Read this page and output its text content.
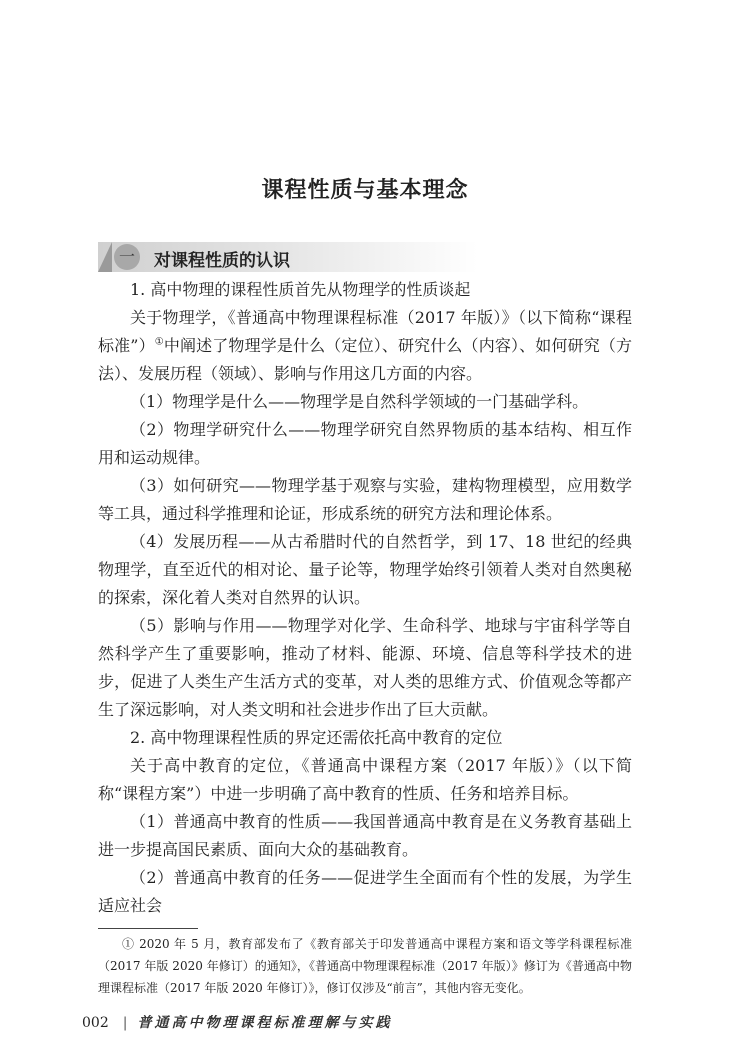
课程性质与基本理念
一 对课程性质的认识

1. 高中物理的课程性质首先从物理学的性质谈起

关于物理学，《普通高中物理课程标准（2017 年版）》（以下简称“课程标准”）①中阐述了物理学是什么（定位）、研究什么（内容）、如何研究（方法）、发展历程（领域）、影响与作用这几方面的内容。

（1）物理学是什么——物理学是自然科学领域的一门基础学科。

（2）物理学研究什么——物理学研究自然界物质的基本结构、相互作用和运动规律。

（3）如何研究——物理学基于观察与实验，建构物理模型，应用数学等工具，通过科学推理和论证，形成系统的研究方法和理论体系。

（4）发展历程——从古希腊时代的自然哲学，到 17、18 世纪的经典物理学，直至近代的相对论、量子论等，物理学始终引领着人类对自然奥秘的探索，深化着人类对自然界的认识。

（5）影响与作用——物理学对化学、生命科学、地球与宇宙科学等自然科学产生了重要影响，推动了材料、能源、环境、信息等科学技术的进步，促进了人类生产生活方式的变革，对人类的思维方式、价值观念等都产生了深远影响，对人类文明和社会进步作出了巨大贡献。

2. 高中物理课程性质的界定还需依托高中教育的定位

关于高中教育的定位，《普通高中课程方案（2017 年版）》（以下简称“课程方案”）中进一步明确了高中教育的性质、任务和培养目标。

（1）普通高中教育的性质——我国普通高中教育是在义务教育基础上进一步提高国民素质、面向大众的基础教育。

（2）普通高中教育的任务——促进学生全面而有个性的发展，为学生适应社会

① 2020 年 5 月，教育部发布了《教育部关于印发普通高中课程方案和语文等学科课程标准（2017 年版 2020 年修订）的通知》，《普通高中物理课程标准（2017 年版）》修订为《普通高中物理课程标准（2017 年版 2020 年修订）》，修订仅涉及“前言”，其他内容无变化。

002 | 普通高中物理课程标准理解与实践
